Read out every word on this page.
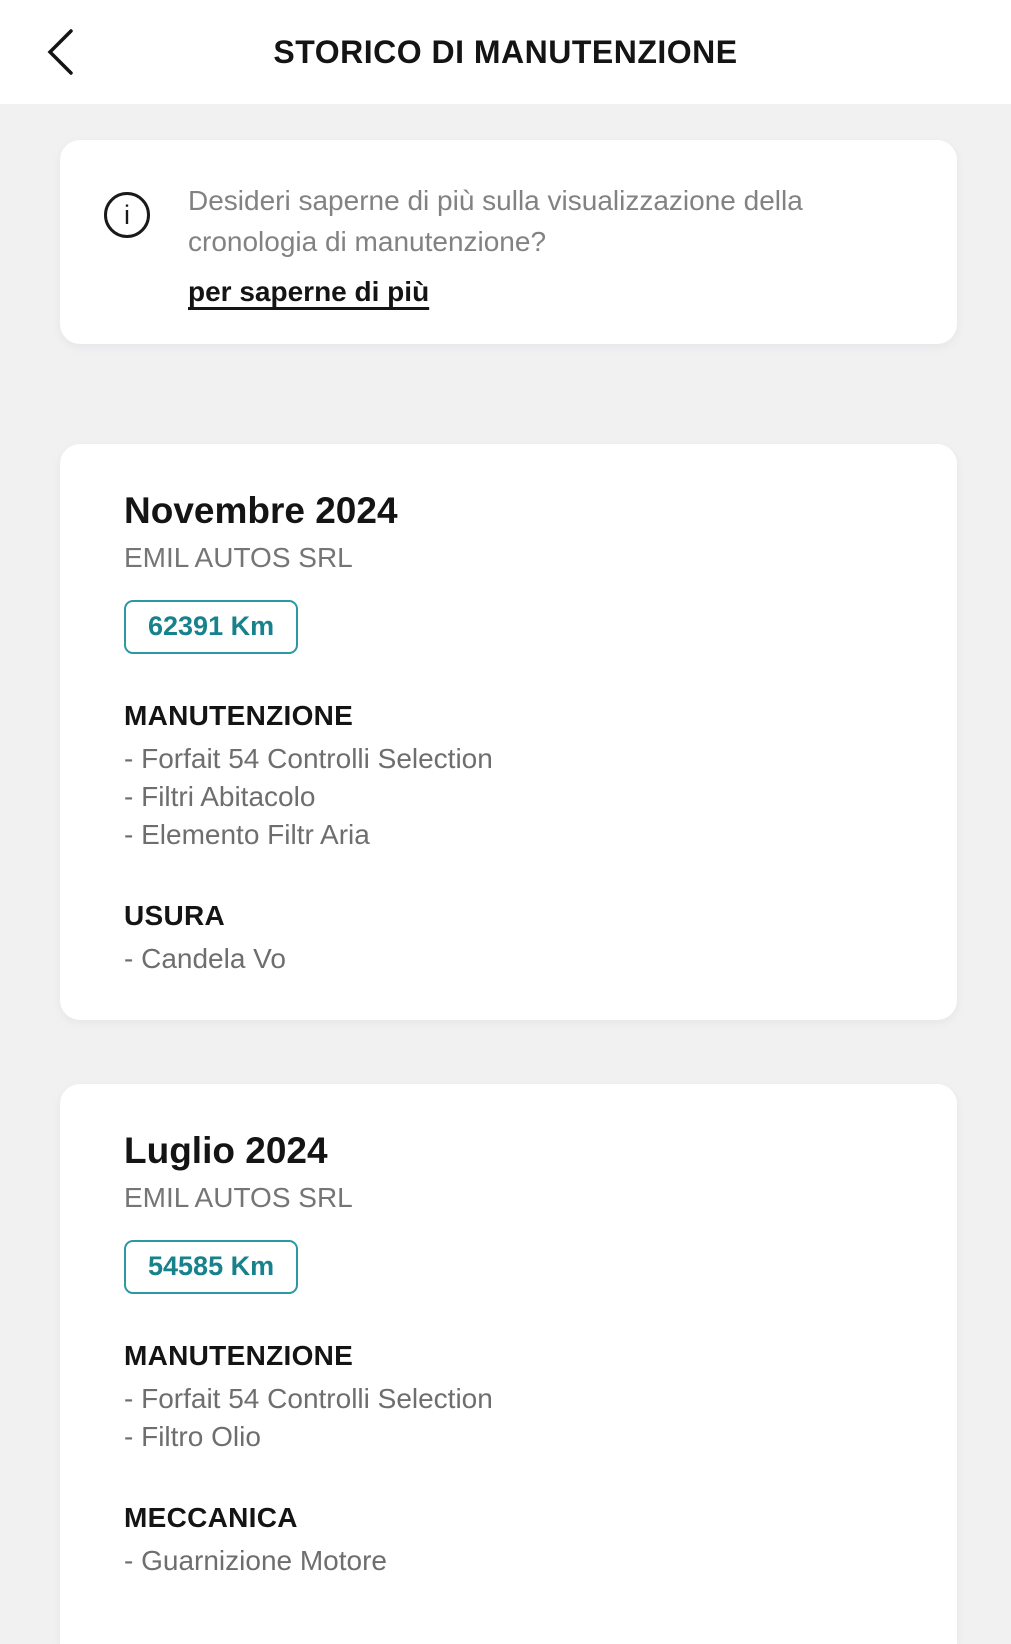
STORICO DI MANUTENZIONE
i	Desideri saperne di più sulla visualizzazione della cronologia di manutenzione?

per saperne di più
Novembre 2024
EMIL AUTOS SRL
62391 Km
MANUTENZIONE
- Forfait 54 Controlli Selection
- Filtri Abitacolo
- Elemento Filtr Aria
USURA
- Candela Vo
Luglio 2024
EMIL AUTOS SRL
54585 Km
MANUTENZIONE
- Forfait 54 Controlli Selection
- Filtro Olio
MECCANICA
- Guarnizione Motore
